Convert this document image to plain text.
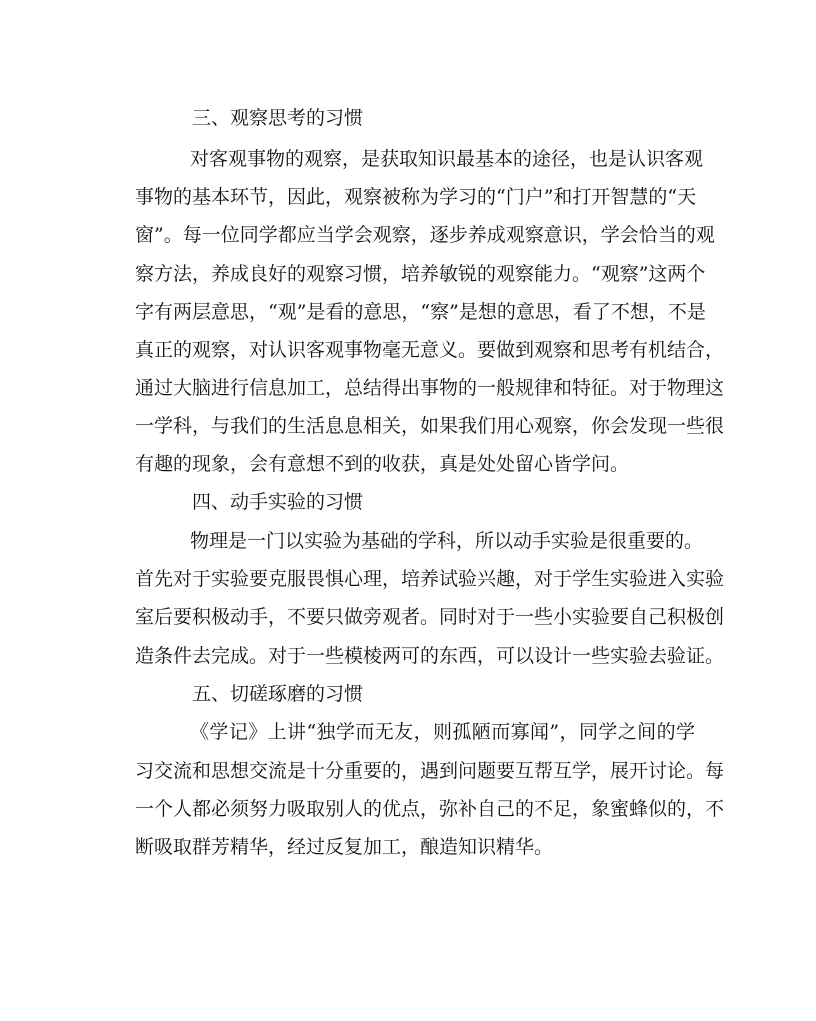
三、观察思考的习惯
对客观事物的观察，是获取知识最基本的途径，也是认识客观
事物的基本环节，因此，观察被称为学习的“门户”和打开智慧的“天
窗”。每一位同学都应当学会观察，逐步养成观察意识，学会恰当的观
察方法，养成良好的观察习惯，培养敏锐的观察能力。“观察”这两个
字有两层意思，“观”是看的意思，“察”是想的意思，看了不想，不是
真正的观察，对认识客观事物毫无意义。要做到观察和思考有机结合，
通过大脑进行信息加工，总结得出事物的一般规律和特征。对于物理这
一学科，与我们的生活息息相关，如果我们用心观察，你会发现一些很
有趣的现象，会有意想不到的收获，真是处处留心皆学问。
四、动手实验的习惯
物理是一门以实验为基础的学科，所以动手实验是很重要的。
首先对于实验要克服畏惧心理，培养试验兴趣，对于学生实验进入实验
室后要积极动手，不要只做旁观者。同时对于一些小实验要自己积极创
造条件去完成。对于一些模棱两可的东西，可以设计一些实验去验证。
五、切磋琢磨的习惯
《学记》上讲“独学而无友，则孤陋而寡闻”，同学之间的学
习交流和思想交流是十分重要的，遇到问题要互帮互学，展开讨论。每
一个人都必须努力吸取别人的优点，弥补自己的不足，象蜜蜂似的，不
断吸取群芳精华，经过反复加工，酿造知识精华。
